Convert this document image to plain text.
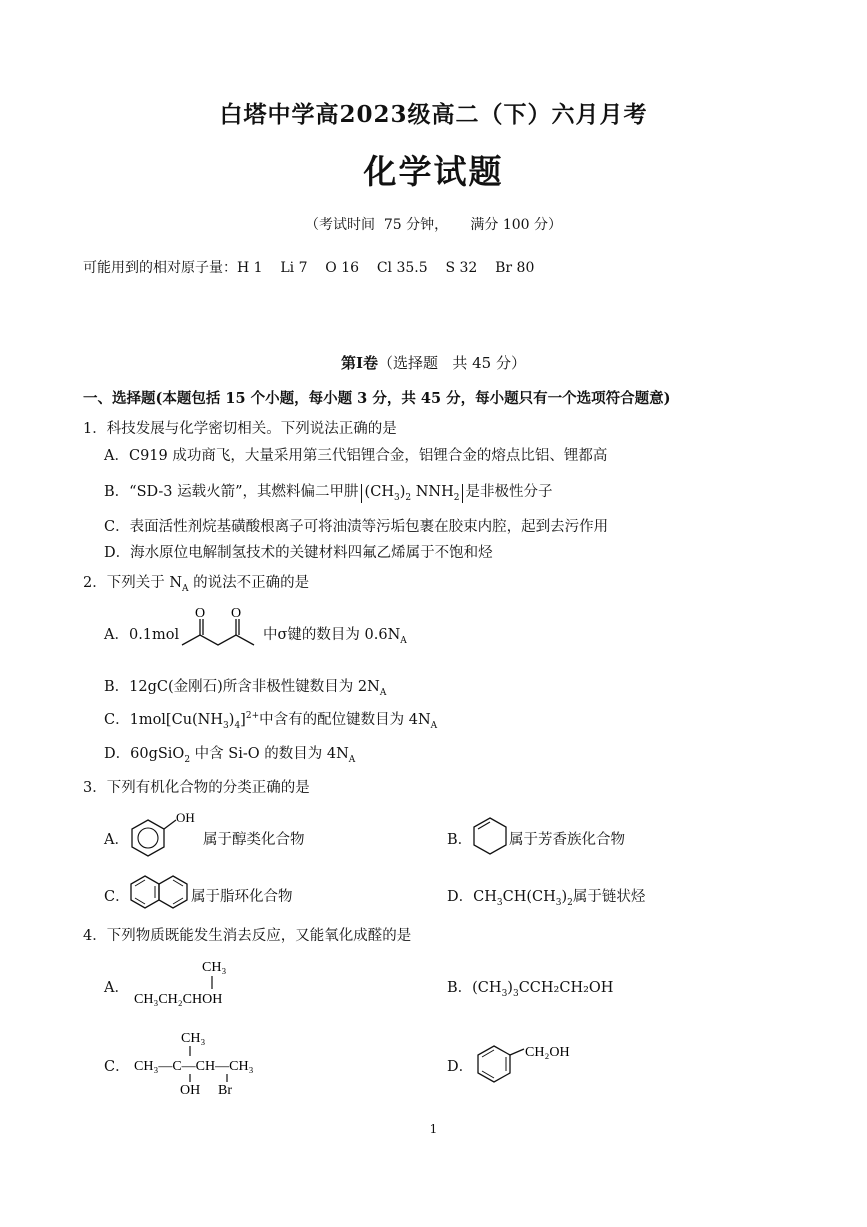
白塔中学高2023级高二（下）六月月考
化学试题
（考试时间  75 分钟，     满分 100 分）
可能用到的相对原子量：H 1    Li 7    O 16    Cl 35.5    S 32    Br 80
第Ⅰ卷（选择题   共 45 分）
一、选择题(本题包括 15 个小题，每小题 3 分，共 45 分，每小题只有一个选项符合题意)
1．科技发展与化学密切相关。下列说法正确的是
A．C919 成功商飞，大量采用第三代铝锂合金，铝锂合金的熔点比铝、锂都高
B．“SD-3 运载火箭”，其燃料偏二甲肼 $(CH_3)_2$ $NNH_2$ 是非极性分子
C．表面活性剂烷基磺酸根离子可将油渍等污垢包裹在胶束内腔，起到去污作用
D．海水原位电解制氢技术的关键材料四氟乙烯属于不饱和烃
2．下列关于 $N_A$ 的说法不正确的是
A．0.1mol
O O
中σ键的数目为 $0.6N_A$
B．12gC(金刚石)所含非极性键数目为 $2N_A$
C．$1mol[Cu(NH_3)_4]^{2+}$中含有的配位键数目为 $4N_A$
D．60gSiO$_2$ 中含 Si-O 的数目为 $4N_A$
3．下列有机化合物的分类正确的是
A．
OH
属于醇类化合物	B．	属于芳香族化合物
C．	属于脂环化合物	D．$CH_3CH(CH_3)_2$属于链状烃
4．下列物质既能发生消去反应，又能氧化成醛的是
A．
CH₃
CH₃CH₂CHOH
B．$(CH_3)_3CCH_2CH_2OH$
C．
CH₃
CH₃—C—CH—CH₃
OH Br
D．
CH₂OH
1
